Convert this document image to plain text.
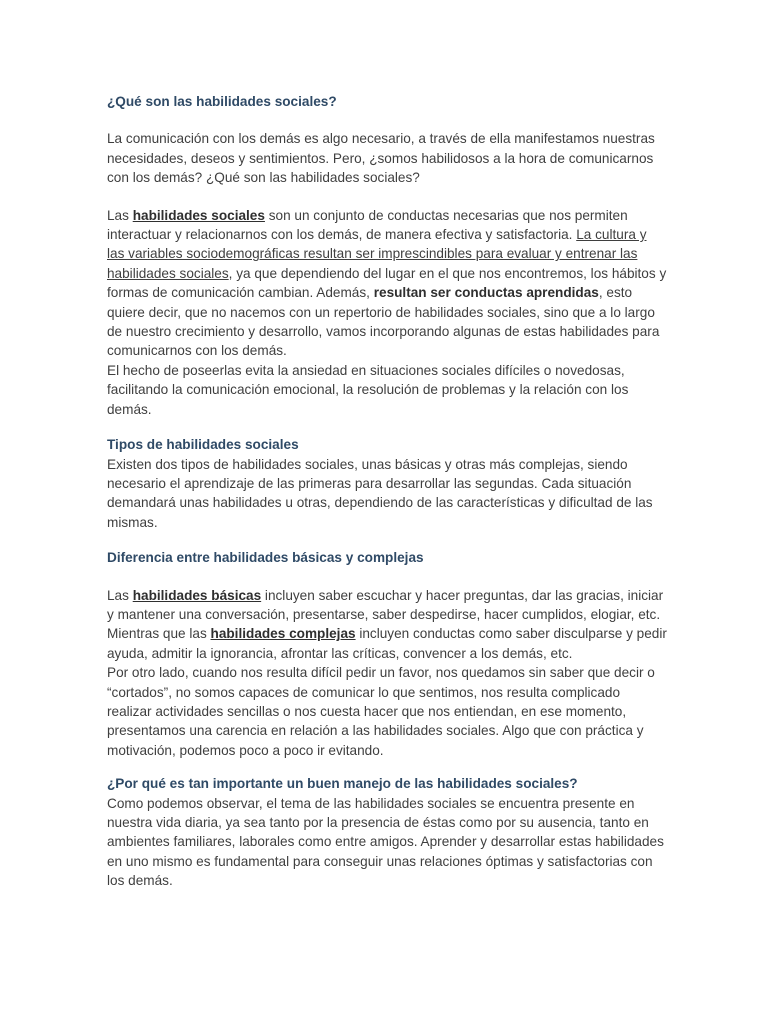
¿Qué son las habilidades sociales?

La comunicación con los demás es algo necesario, a través de ella manifestamos nuestras necesidades, deseos y sentimientos. Pero, ¿somos habilidosos a la hora de comunicarnos con los demás? ¿Qué son las habilidades sociales?

Las habilidades sociales son un conjunto de conductas necesarias que nos permiten interactuar y relacionarnos con los demás, de manera efectiva y satisfactoria. La cultura y las variables sociodemográficas resultan ser imprescindibles para evaluar y entrenar las habilidades sociales, ya que dependiendo del lugar en el que nos encontremos, los hábitos y formas de comunicación cambian. Además, resultan ser conductas aprendidas, esto quiere decir, que no nacemos con un repertorio de habilidades sociales, sino que a lo largo de nuestro crecimiento y desarrollo, vamos incorporando algunas de estas habilidades para comunicarnos con los demás.

El hecho de poseerlas evita la ansiedad en situaciones sociales difíciles o novedosas, facilitando la comunicación emocional, la resolución de problemas y la relación con los demás.

Tipos de habilidades sociales

Existen dos tipos de habilidades sociales, unas básicas y otras más complejas, siendo necesario el aprendizaje de las primeras para desarrollar las segundas. Cada situación demandará unas habilidades u otras, dependiendo de las características y dificultad de las mismas.

Diferencia entre habilidades básicas y complejas

Las habilidades básicas incluyen saber escuchar y hacer preguntas, dar las gracias, iniciar y mantener una conversación, presentarse, saber despedirse, hacer cumplidos, elogiar, etc. Mientras que las habilidades complejas incluyen conductas como saber disculparse y pedir ayuda, admitir la ignorancia, afrontar las críticas, convencer a los demás, etc.

Por otro lado, cuando nos resulta difícil pedir un favor, nos quedamos sin saber que decir o “cortados”, no somos capaces de comunicar lo que sentimos, nos resulta complicado realizar actividades sencillas o nos cuesta hacer que nos entiendan, en ese momento, presentamos una carencia en relación a las habilidades sociales. Algo que con práctica y motivación, podemos poco a poco ir evitando.

¿Por qué es tan importante un buen manejo de las habilidades sociales?

Como podemos observar, el tema de las habilidades sociales se encuentra presente en nuestra vida diaria, ya sea tanto por la presencia de éstas como por su ausencia, tanto en ambientes familiares, laborales como entre amigos. Aprender y desarrollar estas habilidades en uno mismo es fundamental para conseguir unas relaciones óptimas y satisfactorias con los demás.
